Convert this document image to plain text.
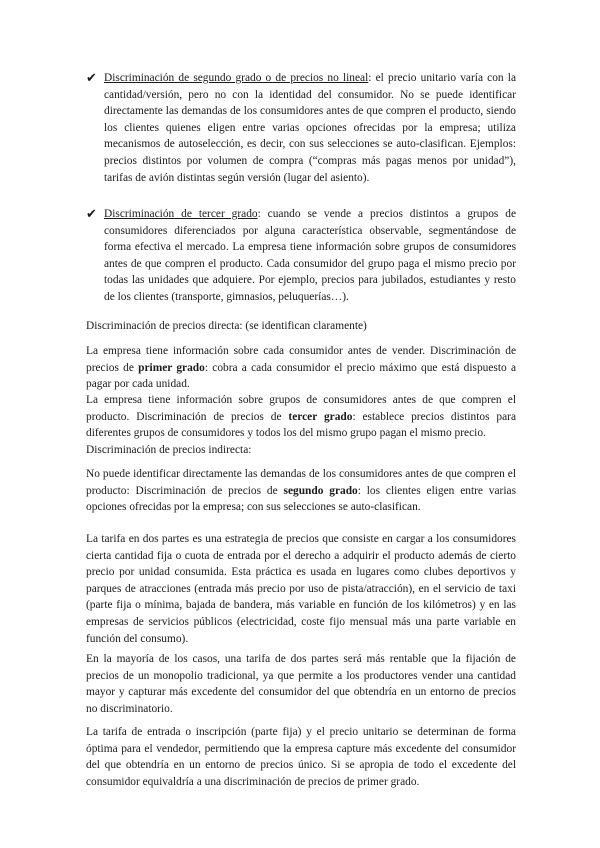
✔ Discriminación de segundo grado o de precios no lineal: el precio unitario varía con la cantidad/versión, pero no con la identidad del consumidor. No se puede identificar directamente las demandas de los consumidores antes de que compren el producto, siendo los clientes quienes eligen entre varias opciones ofrecidas por la empresa; utiliza mecanismos de autoselección, es decir, con sus selecciones se auto-clasifican. Ejemplos: precios distintos por volumen de compra (“compras más pagas menos por unidad”), tarifas de avión distintas según versión (lugar del asiento).
✔ Discriminación de tercer grado: cuando se vende a precios distintos a grupos de consumidores diferenciados por alguna característica observable, segmentándose de forma efectiva el mercado. La empresa tiene información sobre grupos de consumidores antes de que compren el producto. Cada consumidor del grupo paga el mismo precio por todas las unidades que adquiere. Por ejemplo, precios para jubilados, estudiantes y resto de los clientes (transporte, gimnasios, peluquerías…).
Discriminación de precios directa: (se identifican claramente)
La empresa tiene información sobre cada consumidor antes de vender. Discriminación de precios de primer grado: cobra a cada consumidor el precio máximo que está dispuesto a pagar por cada unidad.
La empresa tiene información sobre grupos de consumidores antes de que compren el producto. Discriminación de precios de tercer grado: establece precios distintos para diferentes grupos de consumidores y todos los del mismo grupo pagan el mismo precio.
Discriminación de precios indirecta:
No puede identificar directamente las demandas de los consumidores antes de que compren el producto: Discriminación de precios de segundo grado: los clientes eligen entre varias opciones ofrecidas por la empresa; con sus selecciones se auto-clasifican.
La tarifa en dos partes es una estrategia de precios que consiste en cargar a los consumidores cierta cantidad fija o cuota de entrada por el derecho a adquirir el producto además de cierto precio por unidad consumida. Esta práctica es usada en lugares como clubes deportivos y parques de atracciones (entrada más precio por uso de pista/atracción), en el servicio de taxi (parte fija o mínima, bajada de bandera, más variable en función de los kilómetros) y en las empresas de servicios públicos (electricidad, coste fijo mensual más una parte variable en función del consumo).
En la mayoría de los casos, una tarifa de dos partes será más rentable que la fijación de precios de un monopolio tradicional, ya que permite a los productores vender una cantidad mayor y capturar más excedente del consumidor del que obtendría en un entorno de precios no discriminatorio.
La tarifa de entrada o inscripción (parte fija) y el precio unitario se determinan de forma óptima para el vendedor, permitiendo que la empresa capture más excedente del consumidor del que obtendría en un entorno de precios único. Si se apropia de todo el excedente del consumidor equivaldría a una discriminación de precios de primer grado.
